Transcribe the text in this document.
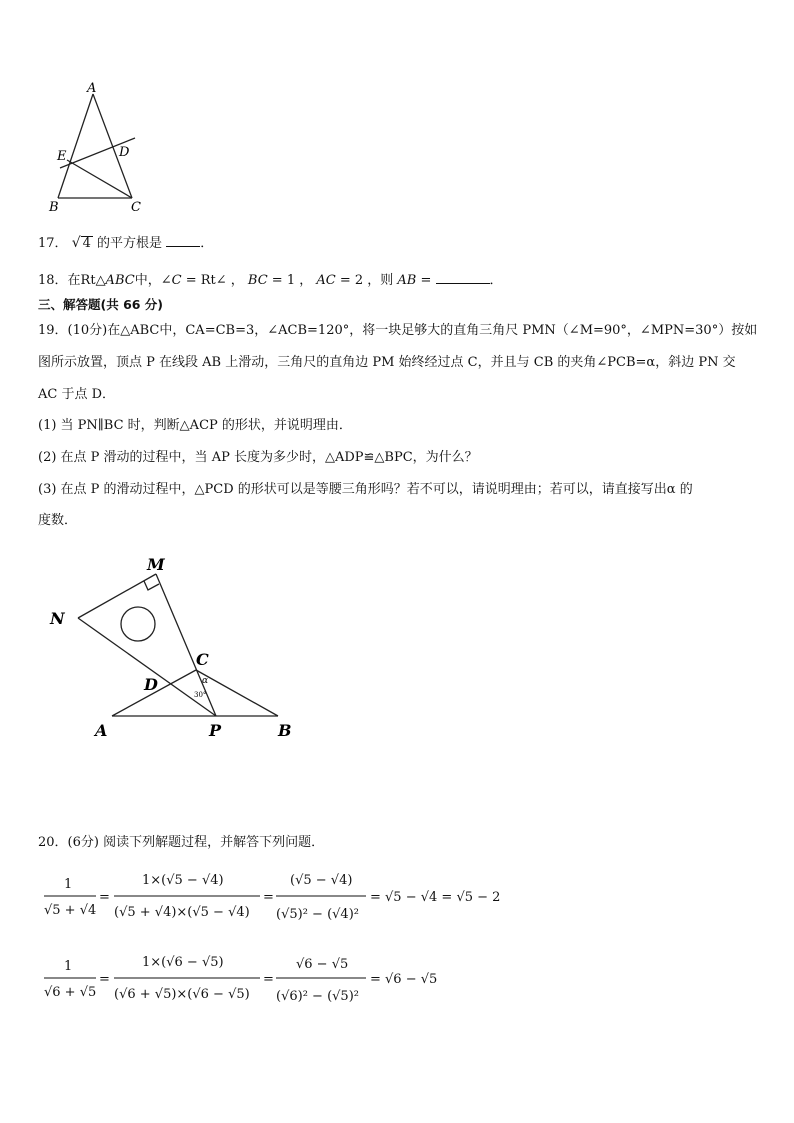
A
E	D
B	C
17． √ 4 的平方根是	．
18．在Rt△ABC中，∠C = Rt∠ ， BC = 1 ， AC = 2 ，则 AB =	．
三、解答题(共 66 分)
19．(10分)在△ABC中，CA=CB=3，∠ACB=120°，将一块足够大的直角三角尺 PMN（∠M=90°，∠MPN=30°）按如
图所示放置，顶点 P 在线段 AB 上滑动，三角尺的直角边 PM 始终经过点 C，并且与 CB 的夹角∠PCB=α，斜边 PN 交
AC 于点 D．
(1) 当 PN∥BC 时，判断△ACP 的形状，并说明理由．
(2) 在点 P 滑动的过程中，当 AP 长度为多少时，△ADP≌△BPC，为什么？
(3) 在点 P 的滑动过程中，△PCD 的形状可以是等腰三角形吗？若不可以，请说明理由；若可以，请直接写出α 的
度数．
M
N
C
D
A	P	B
α
30°
20．(6分) 阅读下列解题过程，并解答下列问题．
1
√5 + √4
=
1×(√5 − √4)
(√5 + √4)×(√5 − √4)
=
(√5 − √4)
(√5)² − (√4)²
= √5 − √4 = √5 − 2
1
√6 + √5
=
1×(√6 − √5)
(√6 + √5)×(√6 − √5)
=
√6 − √5
(√6)² − (√5)²
= √6 − √5
